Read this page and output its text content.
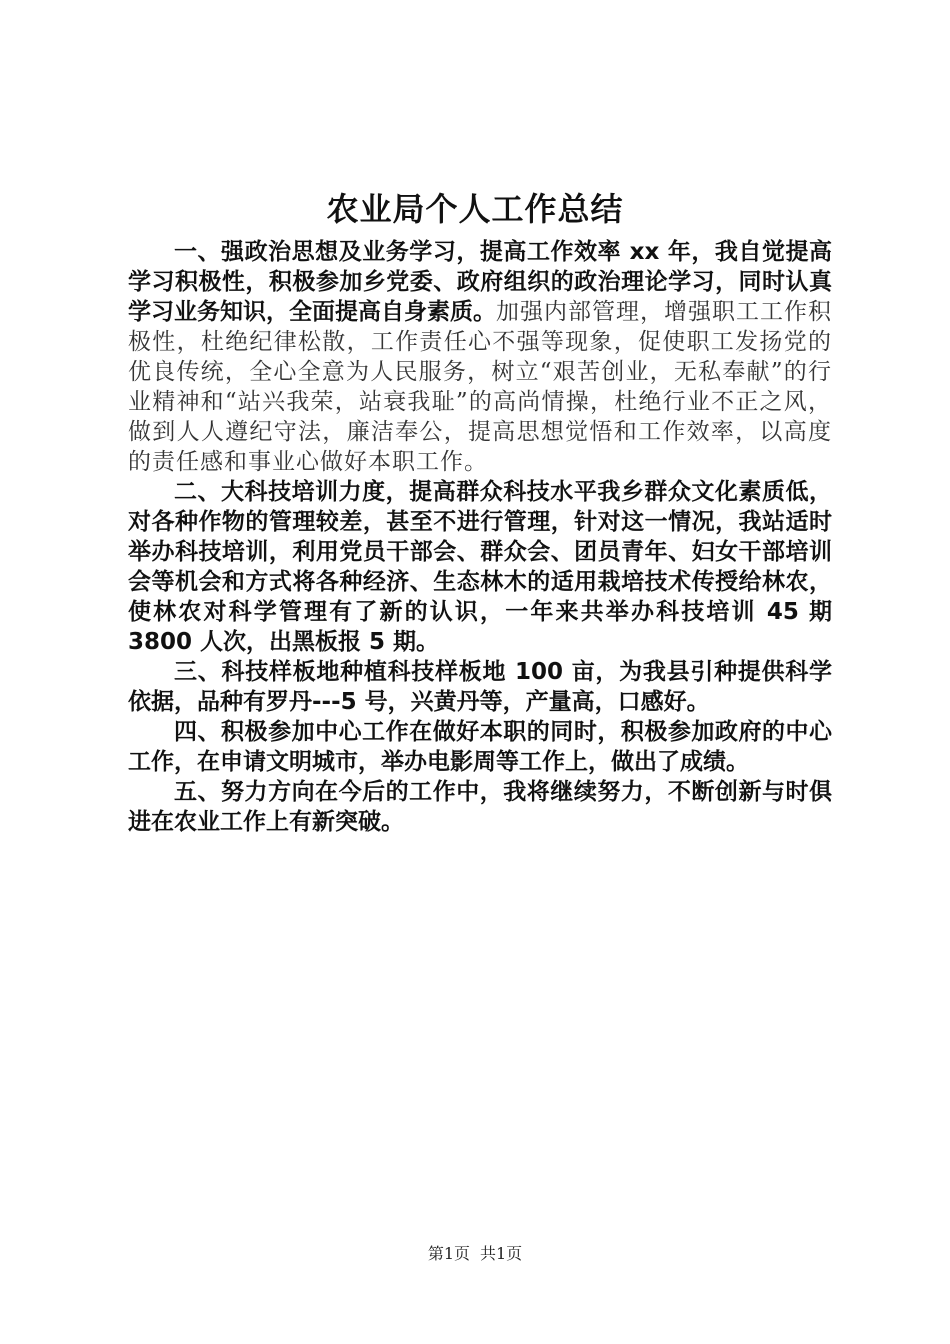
农业局个人工作总结

一、强政治思想及业务学习，提高工作效率 xx 年，我自觉提高学习积极性，积极参加乡党委、政府组织的政治理论学习，同时认真学习业务知识，全面提高自身素质。加强内部管理，增强职工工作积极性，杜绝纪律松散，工作责任心不强等现象，促使职工发扬党的优良传统，全心全意为人民服务，树立“艰苦创业，无私奉献”的行业精神和“站兴我荣，站衰我耻”的高尚情操，杜绝行业不正之风，做到人人遵纪守法，廉洁奉公，提高思想觉悟和工作效率，以高度的责任感和事业心做好本职工作。

二、大科技培训力度，提高群众科技水平我乡群众文化素质低，对各种作物的管理较差，甚至不进行管理，针对这一情况，我站适时举办科技培训，利用党员干部会、群众会、团员青年、妇女干部培训会等机会和方式将各种经济、生态林木的适用栽培技术传授给林农，使林农对科学管理有了新的认识，一年来共举办科技培训 45 期 3800 人次，出黑板报 5 期。

三、科技样板地种植科技样板地 100 亩，为我县引种提供科学依据，品种有罗丹---5 号，兴黄丹等，产量高，口感好。

四、积极参加中心工作在做好本职的同时，积极参加政府的中心工作，在申请文明城市，举办电影周等工作上，做出了成绩。

五、努力方向在今后的工作中，我将继续努力，不断创新与时俱进在农业工作上有新突破。

第1页 共1页
